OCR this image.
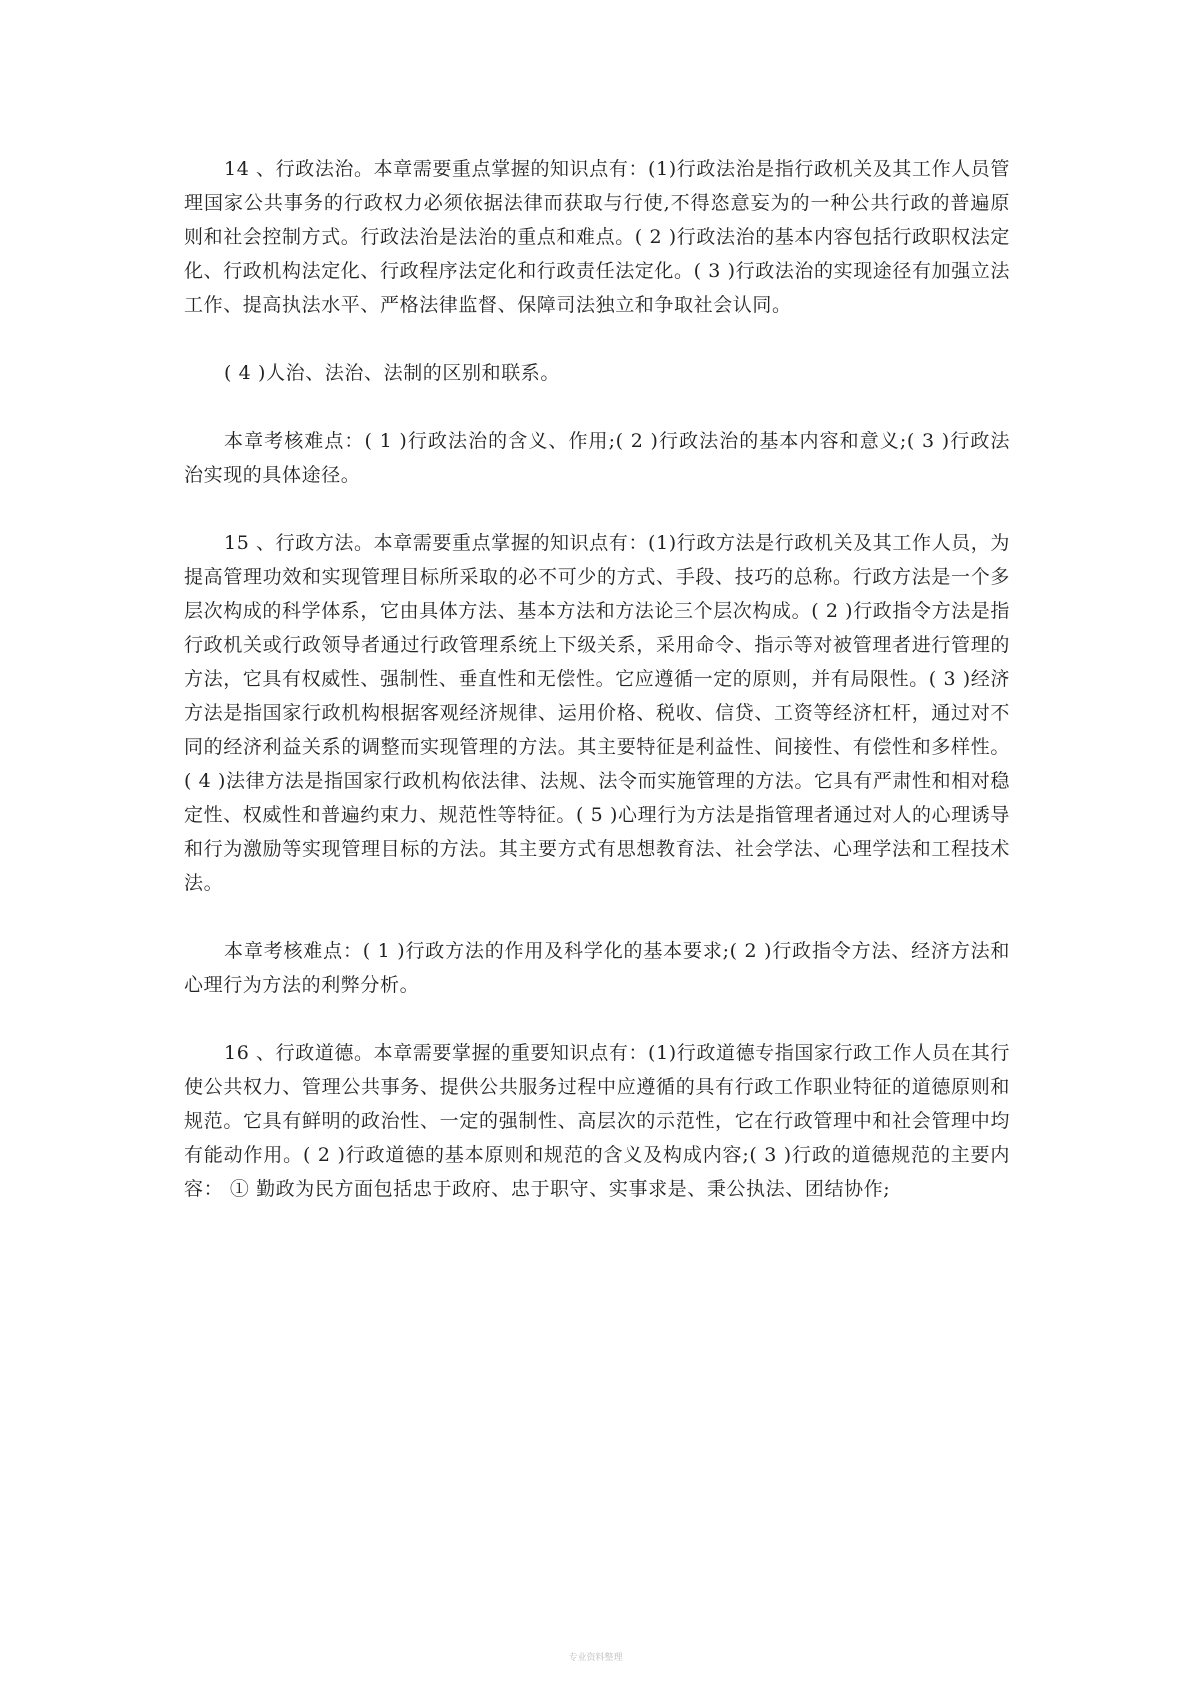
14 、行政法治。本章需要重点掌握的知识点有：(1)行政法治是指行政机关及其工作人员管理国家公共事务的行政权力必须依据法律而获取与行使,不得恣意妄为的一种公共行政的普遍原则和社会控制方式。行政法治是法治的重点和难点。( 2 )行政法治的基本内容包括行政职权法定化、行政机构法定化、行政程序法定化和行政责任法定化。( 3 )行政法治的实现途径有加强立法工作、提高执法水平、严格法律监督、保障司法独立和争取社会认同。

( 4 )人治、法治、法制的区别和联系。

本章考核难点：( 1 )行政法治的含义、作用;( 2 )行政法治的基本内容和意义;( 3 )行政法治实现的具体途径。

15 、行政方法。本章需要重点掌握的知识点有：(1)行政方法是行政机关及其工作人员，为提高管理功效和实现管理目标所采取的必不可少的方式、手段、技巧的总称。行政方法是一个多层次构成的科学体系，它由具体方法、基本方法和方法论三个层次构成。( 2 )行政指令方法是指行政机关或行政领导者通过行政管理系统上下级关系，采用命令、指示等对被管理者进行管理的方法，它具有权威性、强制性、垂直性和无偿性。它应遵循一定的原则，并有局限性。( 3 )经济方法是指国家行政机构根据客观经济规律、运用价格、税收、信贷、工资等经济杠杆，通过对不同的经济利益关系的调整而实现管理的方法。其主要特征是利益性、间接性、有偿性和多样性。( 4 )法律方法是指国家行政机构依法律、法规、法令而实施管理的方法。它具有严肃性和相对稳定性、权威性和普遍约束力、规范性等特征。( 5 )心理行为方法是指管理者通过对人的心理诱导和行为激励等实现管理目标的方法。其主要方式有思想教育法、社会学法、心理学法和工程技术法。

本章考核难点：( 1 )行政方法的作用及科学化的基本要求;( 2 )行政指令方法、经济方法和心理行为方法的利弊分析。

16 、行政道德。本章需要掌握的重要知识点有：(1)行政道德专指国家行政工作人员在其行使公共权力、管理公共事务、提供公共服务过程中应遵循的具有行政工作职业特征的道德原则和规范。它具有鲜明的政治性、一定的强制性、高层次的示范性，它在行政管理中和社会管理中均有能动作用。( 2 )行政道德的基本原则和规范的含义及构成内容;( 3 )行政的道德规范的主要内容： ① 勤政为民方面包括忠于政府、忠于职守、实事求是、秉公执法、团结协作;

专业资料整理
